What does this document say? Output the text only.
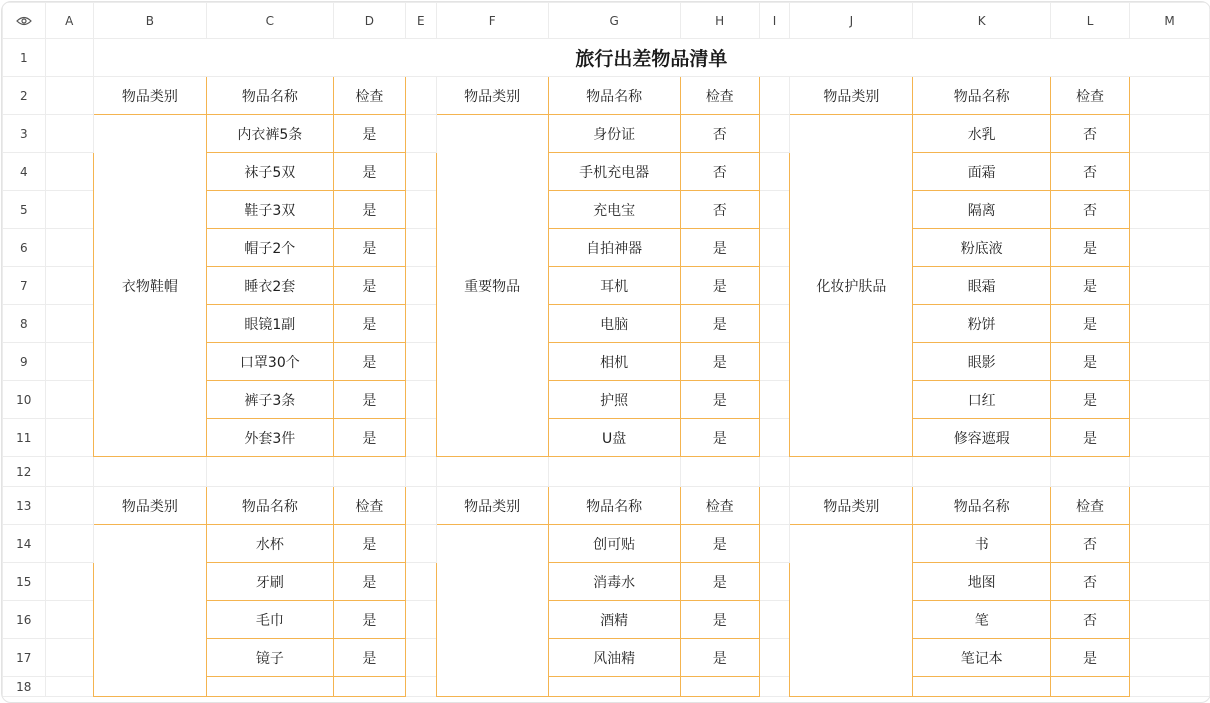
	A	B	C	D	E	F	G	H	I	J	K	L	M
1		旅行出差物品清单											
2		物品类别	物品名称	检查		物品类别	物品名称	检查		物品类别	物品名称	检查	
3		衣物鞋帽	内衣裤5条	是		重要物品	身份证	否		化妆护肤品	水乳	否	
4			袜子5双	是			手机充电器	否			面霜	否	
5			鞋子3双	是			充电宝	否			隔离	否	
6			帽子2个	是			自拍神器	是			粉底液	是	
7			睡衣2套	是			耳机	是			眼霜	是	
8			眼镜1副	是			电脑	是			粉饼	是	
9			口罩30个	是			相机	是			眼影	是	
10			裤子3条	是			护照	是			口红	是	
11			外套3件	是			U盘	是			修容遮瑕	是	
12													
13		物品类别	物品名称	检查		物品类别	物品名称	检查		物品类别	物品名称	检查	
14			水杯	是			创可贴	是			书	否	
15			牙刷	是			消毒水	是			地图	否	
16			毛巾	是			酒精	是			笔	否	
17			镜子	是			风油精	是			笔记本	是	
18													
